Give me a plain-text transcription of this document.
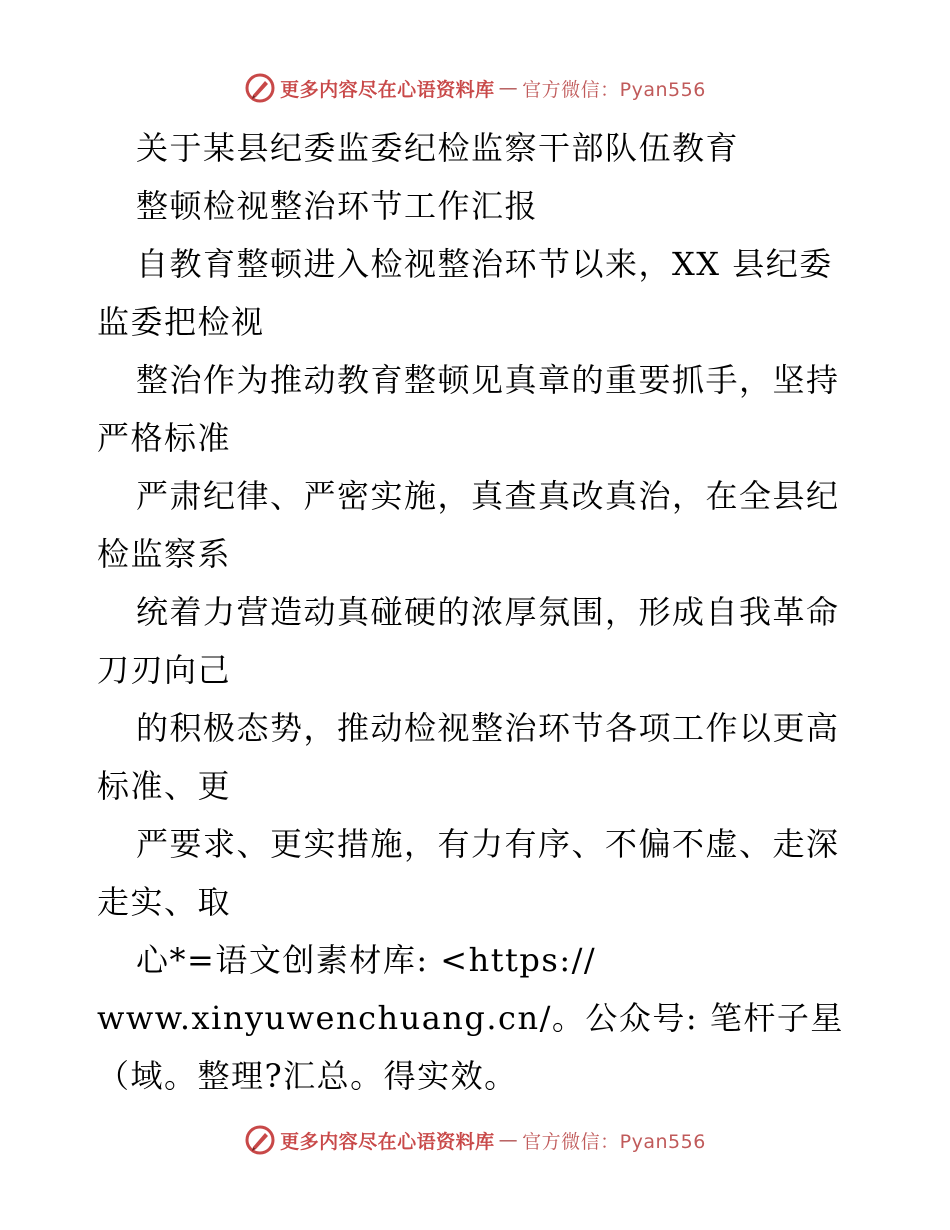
更多内容尽在心语资料库 — 官方微信：Pyan556
关于某县纪委监委纪检监察干部队伍教育
整顿检视整治环节工作汇报
自教育整顿进入检视整治环节以来，XX 县纪委
监委把检视
整治作为推动教育整顿见真章的重要抓手，坚持
严格标准
严肃纪律、严密实施，真查真改真治，在全县纪
检监察系
统着力营造动真碰硬的浓厚氛围，形成自我革命
刀刃向己
的积极态势，推动检视整治环节各项工作以更高
标准、更
严要求、更实措施，有力有序、不偏不虚、走深
走实、取
心*=语文创素材库: <https://
www.xinyuwenchuang.cn/。公众号: 笔杆子星
（域。整理?汇总。得实效。
更多内容尽在心语资料库 — 官方微信：Pyan556
